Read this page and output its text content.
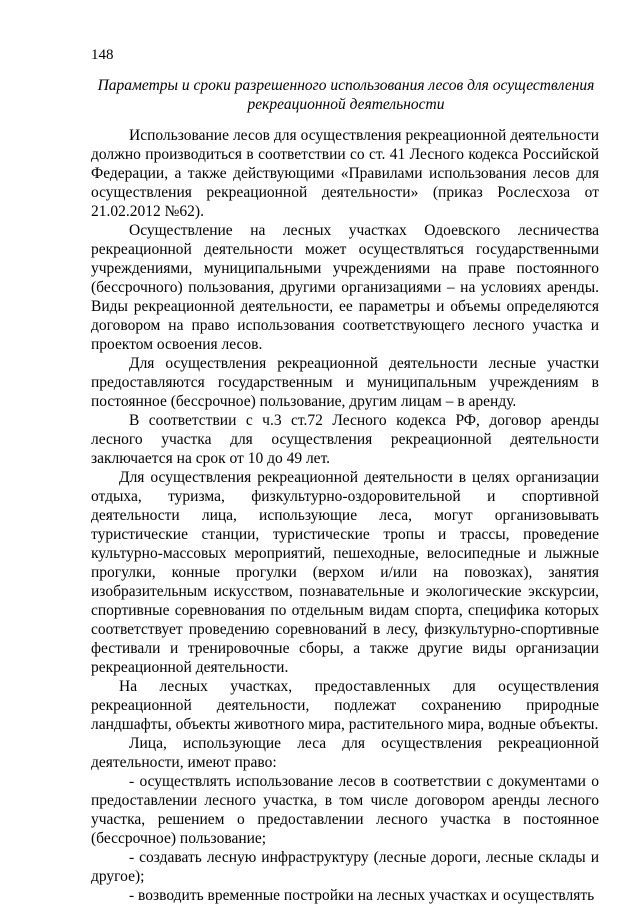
148
Параметры и сроки разрешенного использования лесов для осуществления
рекреационной деятельности

Использование лесов для осуществления рекреационной деятельности должно производиться в соответствии со ст. 41 Лесного кодекса Российской Федерации, а также действующими «Правилами использования лесов для осуществления рекреационной деятельности» (приказ Рослесхоза от 21.02.2012 №62).

Осуществление на лесных участках Одоевского лесничества рекреационной деятельности может осуществляться государственными учреждениями, муниципальными учреждениями на праве постоянного (бессрочного) пользования, другими организациями – на условиях аренды. Виды рекреационной деятельности, ее параметры и объемы определяются договором на право использования соответствующего лесного участка и проектом освоения лесов.

Для осуществления рекреационной деятельности лесные участки предоставляются государственным и муниципальным учреждениям в постоянное (бессрочное) пользование, другим лицам – в аренду.

В соответствии с ч.3 ст.72 Лесного кодекса РФ, договор аренды лесного участка для осуществления рекреационной деятельности заключается на срок от 10 до 49 лет.

Для осуществления рекреационной деятельности в целях организации отдыха, туризма, физкультурно-оздоровительной и спортивной деятельности лица, использующие леса, могут организовывать туристические станции, туристические тропы и трассы, проведение культурно-массовых мероприятий, пешеходные, велосипедные и лыжные прогулки, конные прогулки (верхом и/или на повозках), занятия изобразительным искусством, познавательные и экологические экскурсии, спортивные соревнования по отдельным видам спорта, специфика которых соответствует проведению соревнований в лесу, физкультурно-спортивные фестивали и тренировочные сборы, а также другие виды организации рекреационной деятельности.

На лесных участках, предоставленных для осуществления рекреационной деятельности, подлежат сохранению природные ландшафты, объекты животного мира, растительного мира, водные объекты.

Лица, использующие леса для осуществления рекреационной деятельности, имеют право:

- осуществлять использование лесов в соответствии с документами о предоставлении лесного участка, в том числе договором аренды лесного участка, решением о предоставлении лесного участка в постоянное (бессрочное) пользование;

- создавать лесную инфраструктуру (лесные дороги, лесные склады и другое);

- возводить временные постройки на лесных участках и осуществлять
